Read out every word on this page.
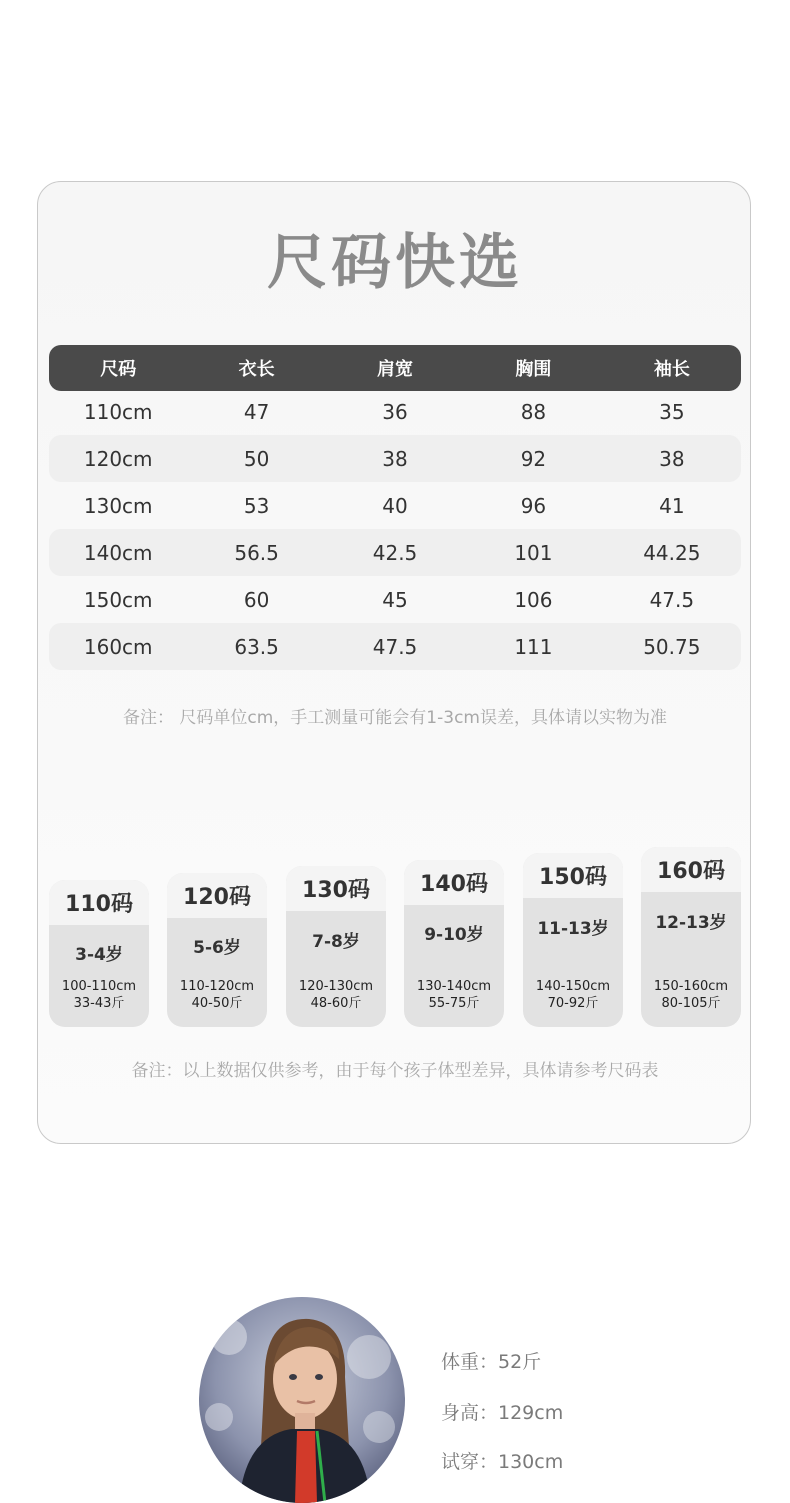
尺码快选
尺码	衣长	肩宽	胸围	袖长
110cm	47	36	88	35
120cm	50	38	92	38
130cm	53	40	96	41
140cm	56.5	42.5	101	44.25
150cm	60	45	106	47.5
160cm	63.5	47.5	111	50.75
备注： 尺码单位cm，手工测量可能会有1-3cm误差，具体请以实物为准
110码
3-4岁
100-110cm
33-43斤
120码
5-6岁
110-120cm
40-50斤
130码
7-8岁
120-130cm
48-60斤
140码
9-10岁
130-140cm
55-75斤
150码
11-13岁
140-150cm
70-92斤
160码
12-13岁
150-160cm
80-105斤
备注：以上数据仅供参考，由于每个孩子体型差异，具体请参考尺码表
体重：52斤
身高：129cm
试穿：130cm
